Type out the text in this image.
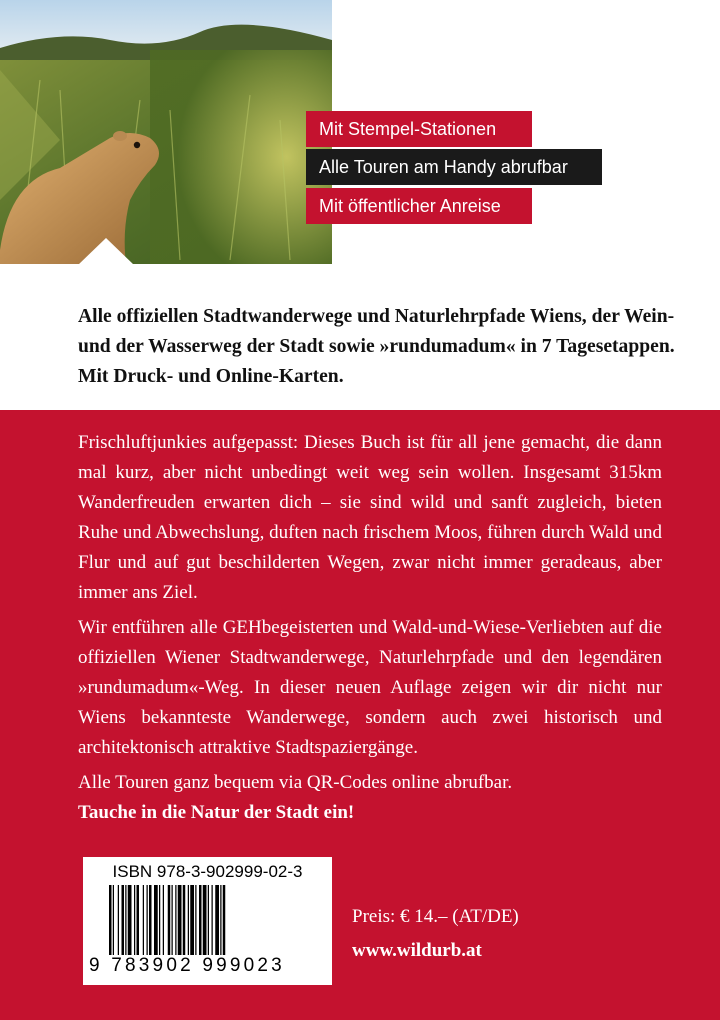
Mit Stempel-Stationen
Alle Touren am Handy abrufbar
Mit öffentlicher Anreise
Alle offiziellen Stadtwanderwege und Naturlehrpfade Wiens, der Wein- und der Wasserweg der Stadt sowie »rundumadum« in 7 Tagesetappen. Mit Druck- und Online-Karten.
Frischluftjunkies aufgepasst: Dieses Buch ist für all jene gemacht, die dann mal kurz, aber nicht unbedingt weit weg sein wollen. Insgesamt 315km Wanderfreuden erwarten dich – sie sind wild und sanft zugleich, bieten Ruhe und Abwechslung, duften nach frischem Moos, führen durch Wald und Flur und auf gut beschilderten Wegen, zwar nicht immer geradeaus, aber immer ans Ziel.
Wir entführen alle GEHbegeisterten und Wald-und-Wiese-Verliebten auf die offiziellen Wiener Stadtwanderwege, Naturlehrpfade und den legendären »rundumadum«-Weg. In dieser neuen Auflage zeigen wir dir nicht nur Wiens bekannteste Wanderwege, sondern auch zwei historisch und architektonisch attraktive Stadtspaziergänge.
Alle Touren ganz bequem via QR-Codes online abrufbar.
Tauche in die Natur der Stadt ein!
ISBN 978-3-902999-02-3
9 783902 999023
Preis: € 14.– (AT/DE)
www.wildurb.at
